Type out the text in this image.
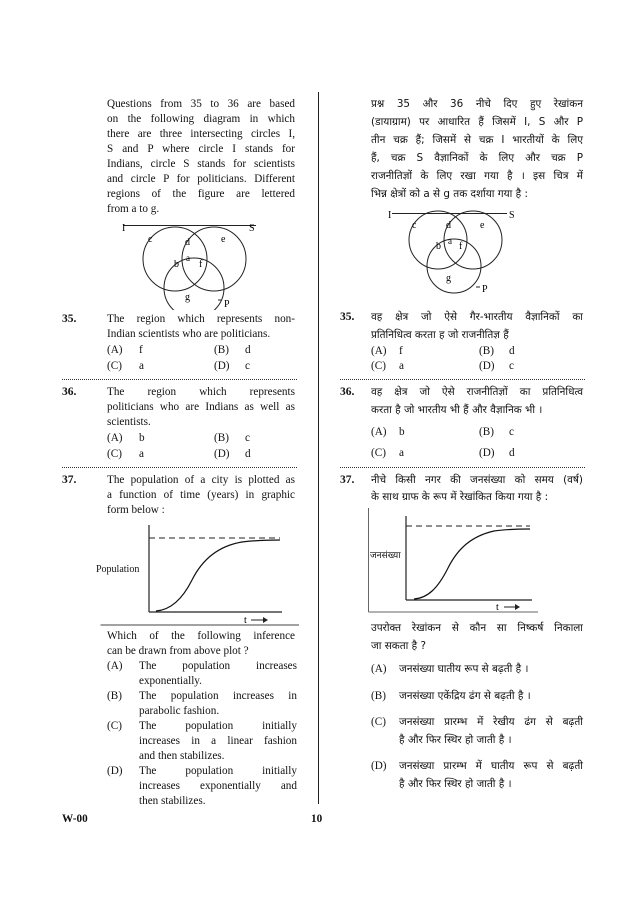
Questions from 35 to 36 are based
on the following diagram in which
there are three intersecting circles I,
S and P where circle I stands for
Indians, circle S stands for scientists
and circle P for politicians. Different
regions of the figure are lettered
from a to g.
I	S
P
c	d	e
a
b f
g
35.	The region which represents non-
Indian scientists who are politicians.
(A) f	(B) d
(C) a	(D) c
36.	The region which represents
politicians who are Indians as well as
scientists.
(A) b	(B) c
(C) a	(D) d
37.	The population of a city is plotted as
a function of time (years) in graphic
form below :
Population
t
Which of the following inference
can be drawn from above plot ?
(A) The population increases
exponentially.
(B) The population increases in
parabolic fashion.
(C) The population initially
increases in a linear fashion
and then stabilizes.
(D) The population initially
increases exponentially and
then stabilizes.
प्रश्न 35 और 36 नीचे दिए हुए रेखांकन
(डायाग्राम) पर आधारित हैं जिसमें I, S और P
तीन चक्र हैं; जिसमें से चक्र I भारतीयों के लिए
हैं, चक्र S वैज्ञानिकों के लिए और चक्र P
राजनीतिज्ञों के लिए रखा गया है । इस चित्र में
भिन्न क्षेत्रों को a से g तक दर्शाया गया है :
I	S
P
c	d	e
a
b f
g
35. वह क्षेत्र जो ऐसे गैर-भारतीय वैज्ञानिकों का
प्रतिनिधित्व करता ह जो राजनीतिज्ञ हैं
(A) f	(B) d
(C) a	(D) c
36. वह क्षेत्र जो ऐसे राजनीतिज्ञों का प्रतिनिधित्व
करता है जो भारतीय भी हैं और वैज्ञानिक भी ।
(A) b	(B) c
(C) a	(D) d
37. नीचे किसी नगर की जनसंख्या को समय (वर्ष)
के साथ ग्राफ के रूप में रेखांकित किया गया है :
t
जनसंख्या
उपरोक्त रेखांकन से कौन सा निष्कर्ष निकाला
जा सकता है ?
(A) जनसंख्या घातीय रूप से बढ़ती है ।
(B) जनसंख्या एकेंद्रिय ढंग से बढ़ती है ।
(C) जनसंख्या प्रारम्भ में रेखीय ढंग से बढ़ती
है और फिर स्थिर हो जाती है ।
(D) जनसंख्या प्रारम्भ में घातीय रूप से बढ़ती
है और फिर स्थिर हो जाती है ।
W-00	10
